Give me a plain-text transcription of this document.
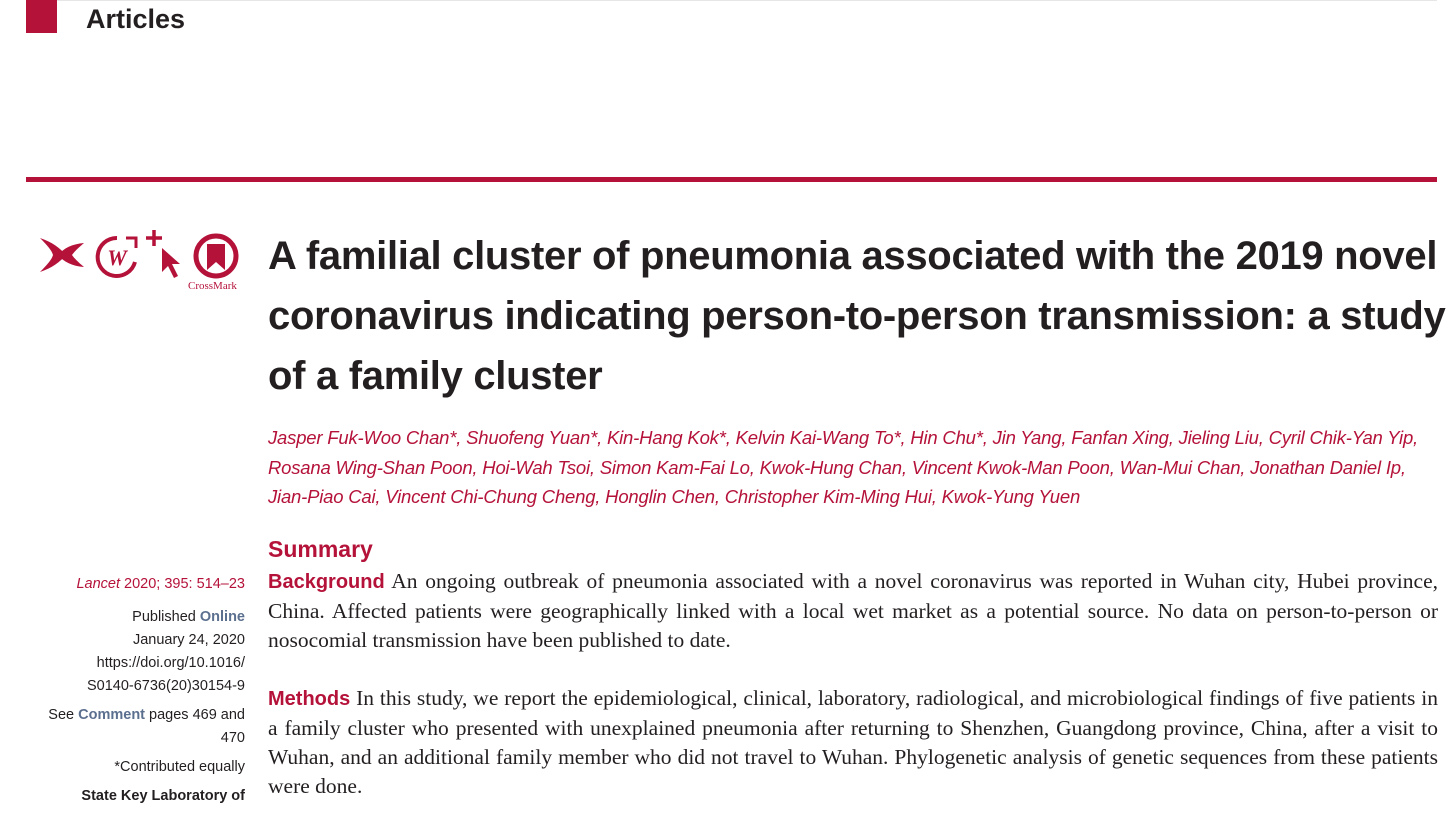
Articles
W
CrossMark
A familial cluster of pneumonia associated with the 2019 novel coronavirus indicating person-to-person transmission: a study of a family cluster

Jasper Fuk-Woo Chan*, Shuofeng Yuan*, Kin-Hang Kok*, Kelvin Kai-Wang To*, Hin Chu*, Jin Yang, Fanfan Xing, Jieling Liu, Cyril Chik-Yan Yip, Rosana Wing-Shan Poon, Hoi-Wah Tsoi, Simon Kam-Fai Lo, Kwok-Hung Chan, Vincent Kwok-Man Poon, Wan-Mui Chan, Jonathan Daniel Ip, Jian-Piao Cai, Vincent Chi-Chung Cheng, Honglin Chen, Christopher Kim-Ming Hui, Kwok-Yung Yuen

Lancet 2020; 395: 514–23
Published Online
January 24, 2020
https://doi.org/10.1016/
S0140-6736(20)30154-9
See Comment pages 469 and
470
*Contributed equally
State Key Laboratory of
Summary

Background An ongoing outbreak of pneumonia associated with a novel coronavirus was reported in Wuhan city, Hubei province, China. Affected patients were geographically linked with a local wet market as a potential source. No data on person-to-person or nosocomial transmission have been published to date.

Methods In this study, we report the epidemiological, clinical, laboratory, radiological, and microbiological findings of five patients in a family cluster who presented with unexplained pneumonia after returning to Shenzhen, Guangdong province, China, after a visit to Wuhan, and an additional family member who did not travel to Wuhan. Phylogenetic analysis of genetic sequences from these patients were done.
